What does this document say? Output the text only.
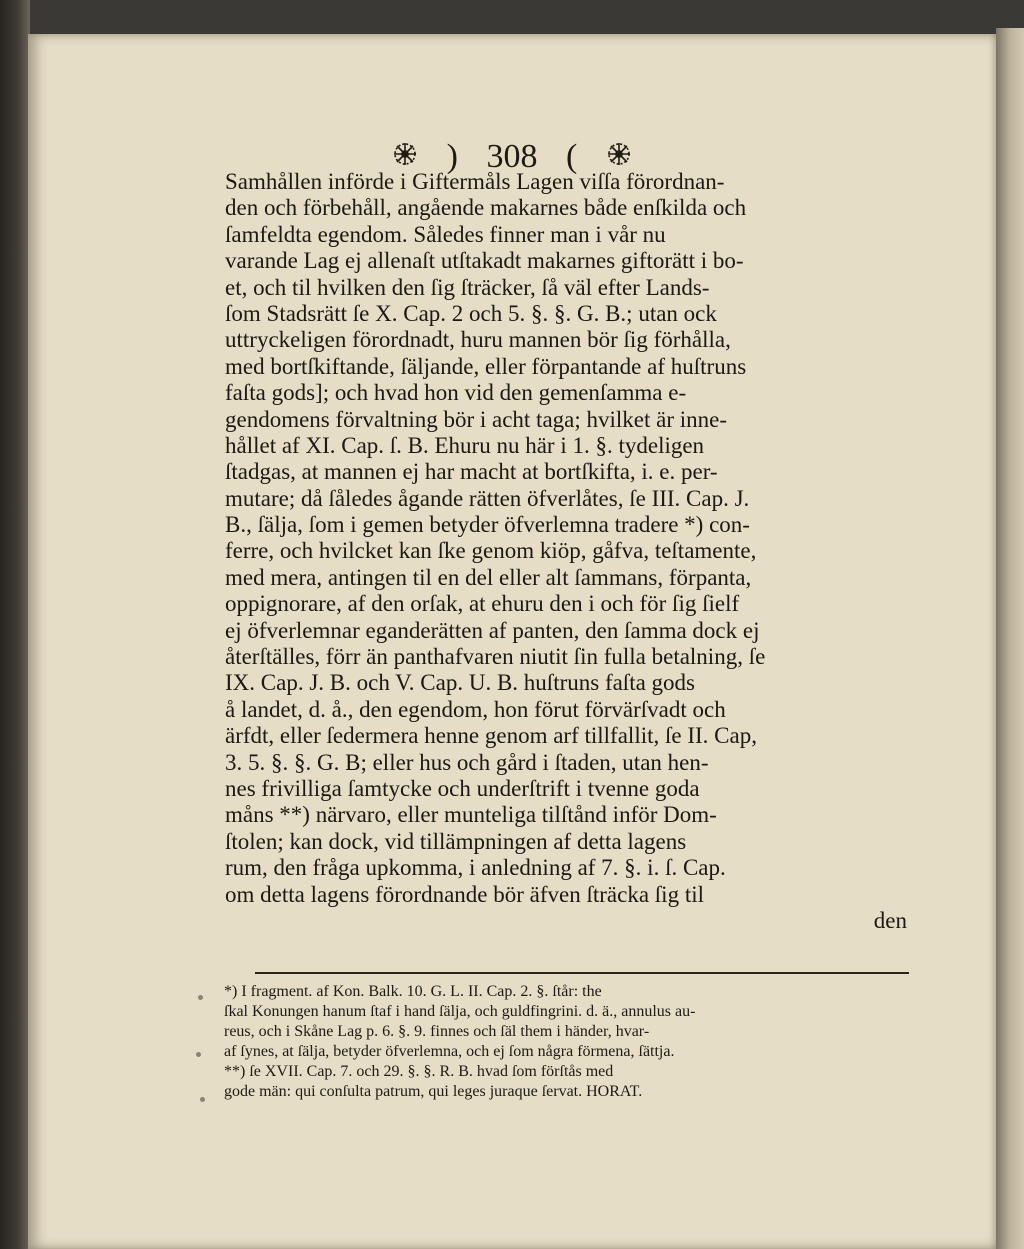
) 308 (
Samhållen införde i Giftermåls Lagen viſſa förordnan-
den och förbehåll, angående makarnes både enſkilda och
ſamfeldta egendom. Således finner man i vår nu
varande Lag ej allenaſt utſtakadt makarnes giftorätt i bo-
et, och til hvilken den ſig ſträcker, ſå väl efter Lands-
ſom Stadsrätt ſe X. Cap. 2 och 5. §. §. G. B.; utan ock
uttryckeligen förordnadt, huru mannen bör ſig förhålla,
med bortſkiftande, ſäljande, eller förpantande af huſtruns
faſta gods]; och hvad hon vid den gemenſamma e-
gendomens förvaltning bör i acht taga; hvilket är inne-
hållet af XI. Cap. ſ. B. Ehuru nu här i 1. §. tydeligen
ſtadgas, at mannen ej har macht at bortſkifta, i. e. per-
mutare; då ſåledes ågande rätten öfverlåtes, ſe III. Cap. J.
B., ſälja, ſom i gemen betyder öfverlemna tradere *) con-
ferre, och hvilcket kan ſke genom kiöp, gåfva, teſtamente,
med mera, antingen til en del eller alt ſammans, förpanta,
oppignorare, af den orſak, at ehuru den i och för ſig ſielf
ej öfverlemnar eganderätten af panten, den ſamma dock ej
återſtälles, förr än panthafvaren niutit ſin fulla betalning, ſe
IX. Cap. J. B. och V. Cap. U. B. huſtruns faſta gods
å landet, d. å., den egendom, hon förut förvärſvadt och
ärfdt, eller ſedermera henne genom arf tillfallit, ſe II. Cap,
3. 5. §. §. G. B; eller hus och gård i ſtaden, utan hen-
nes frivilliga ſamtycke och underſtrift i tvenne goda
måns **) närvaro, eller munteliga tilſtånd inför Dom-
ſtolen; kan dock, vid tillämpningen af detta lagens
rum, den fråga upkomma, i anledning af 7. §. i. ſ. Cap.
om detta lagens förordnande bör äfven ſträcka ſig til
den
*) I fragment. af Kon. Balk. 10. G. L. II. Cap. 2. §. ſtår: the
ſkal Konungen hanum ſtaf i hand ſälja, och guldfingrini. d. ä., annulus au-
reus, och i Skåne Lag p. 6. §. 9. finnes och ſäl them i händer, hvar-
af ſynes, at ſälja, betyder öfverlemna, och ej ſom några förmena, ſättja.
**) ſe XVII. Cap. 7. och 29. §. §. R. B. hvad ſom förſtås med
gode män: qui conſulta patrum, qui leges juraque ſervat. HORAT.
